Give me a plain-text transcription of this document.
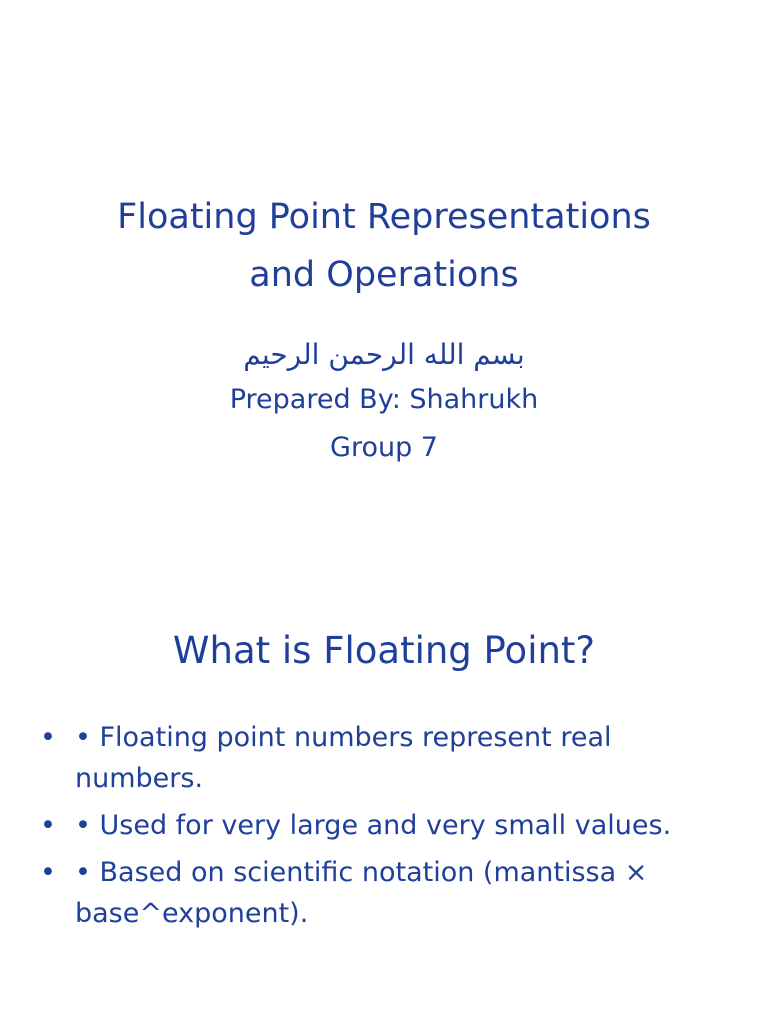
Floating Point Representations
and Operations
بسم الله الرحمن الرحيم
Prepared By: Shahrukh
Group 7
What is Floating Point?
• • Floating point numbers represent real numbers.
• • Used for very large and very small values.
• • Based on scientific notation (mantissa × base^exponent).
